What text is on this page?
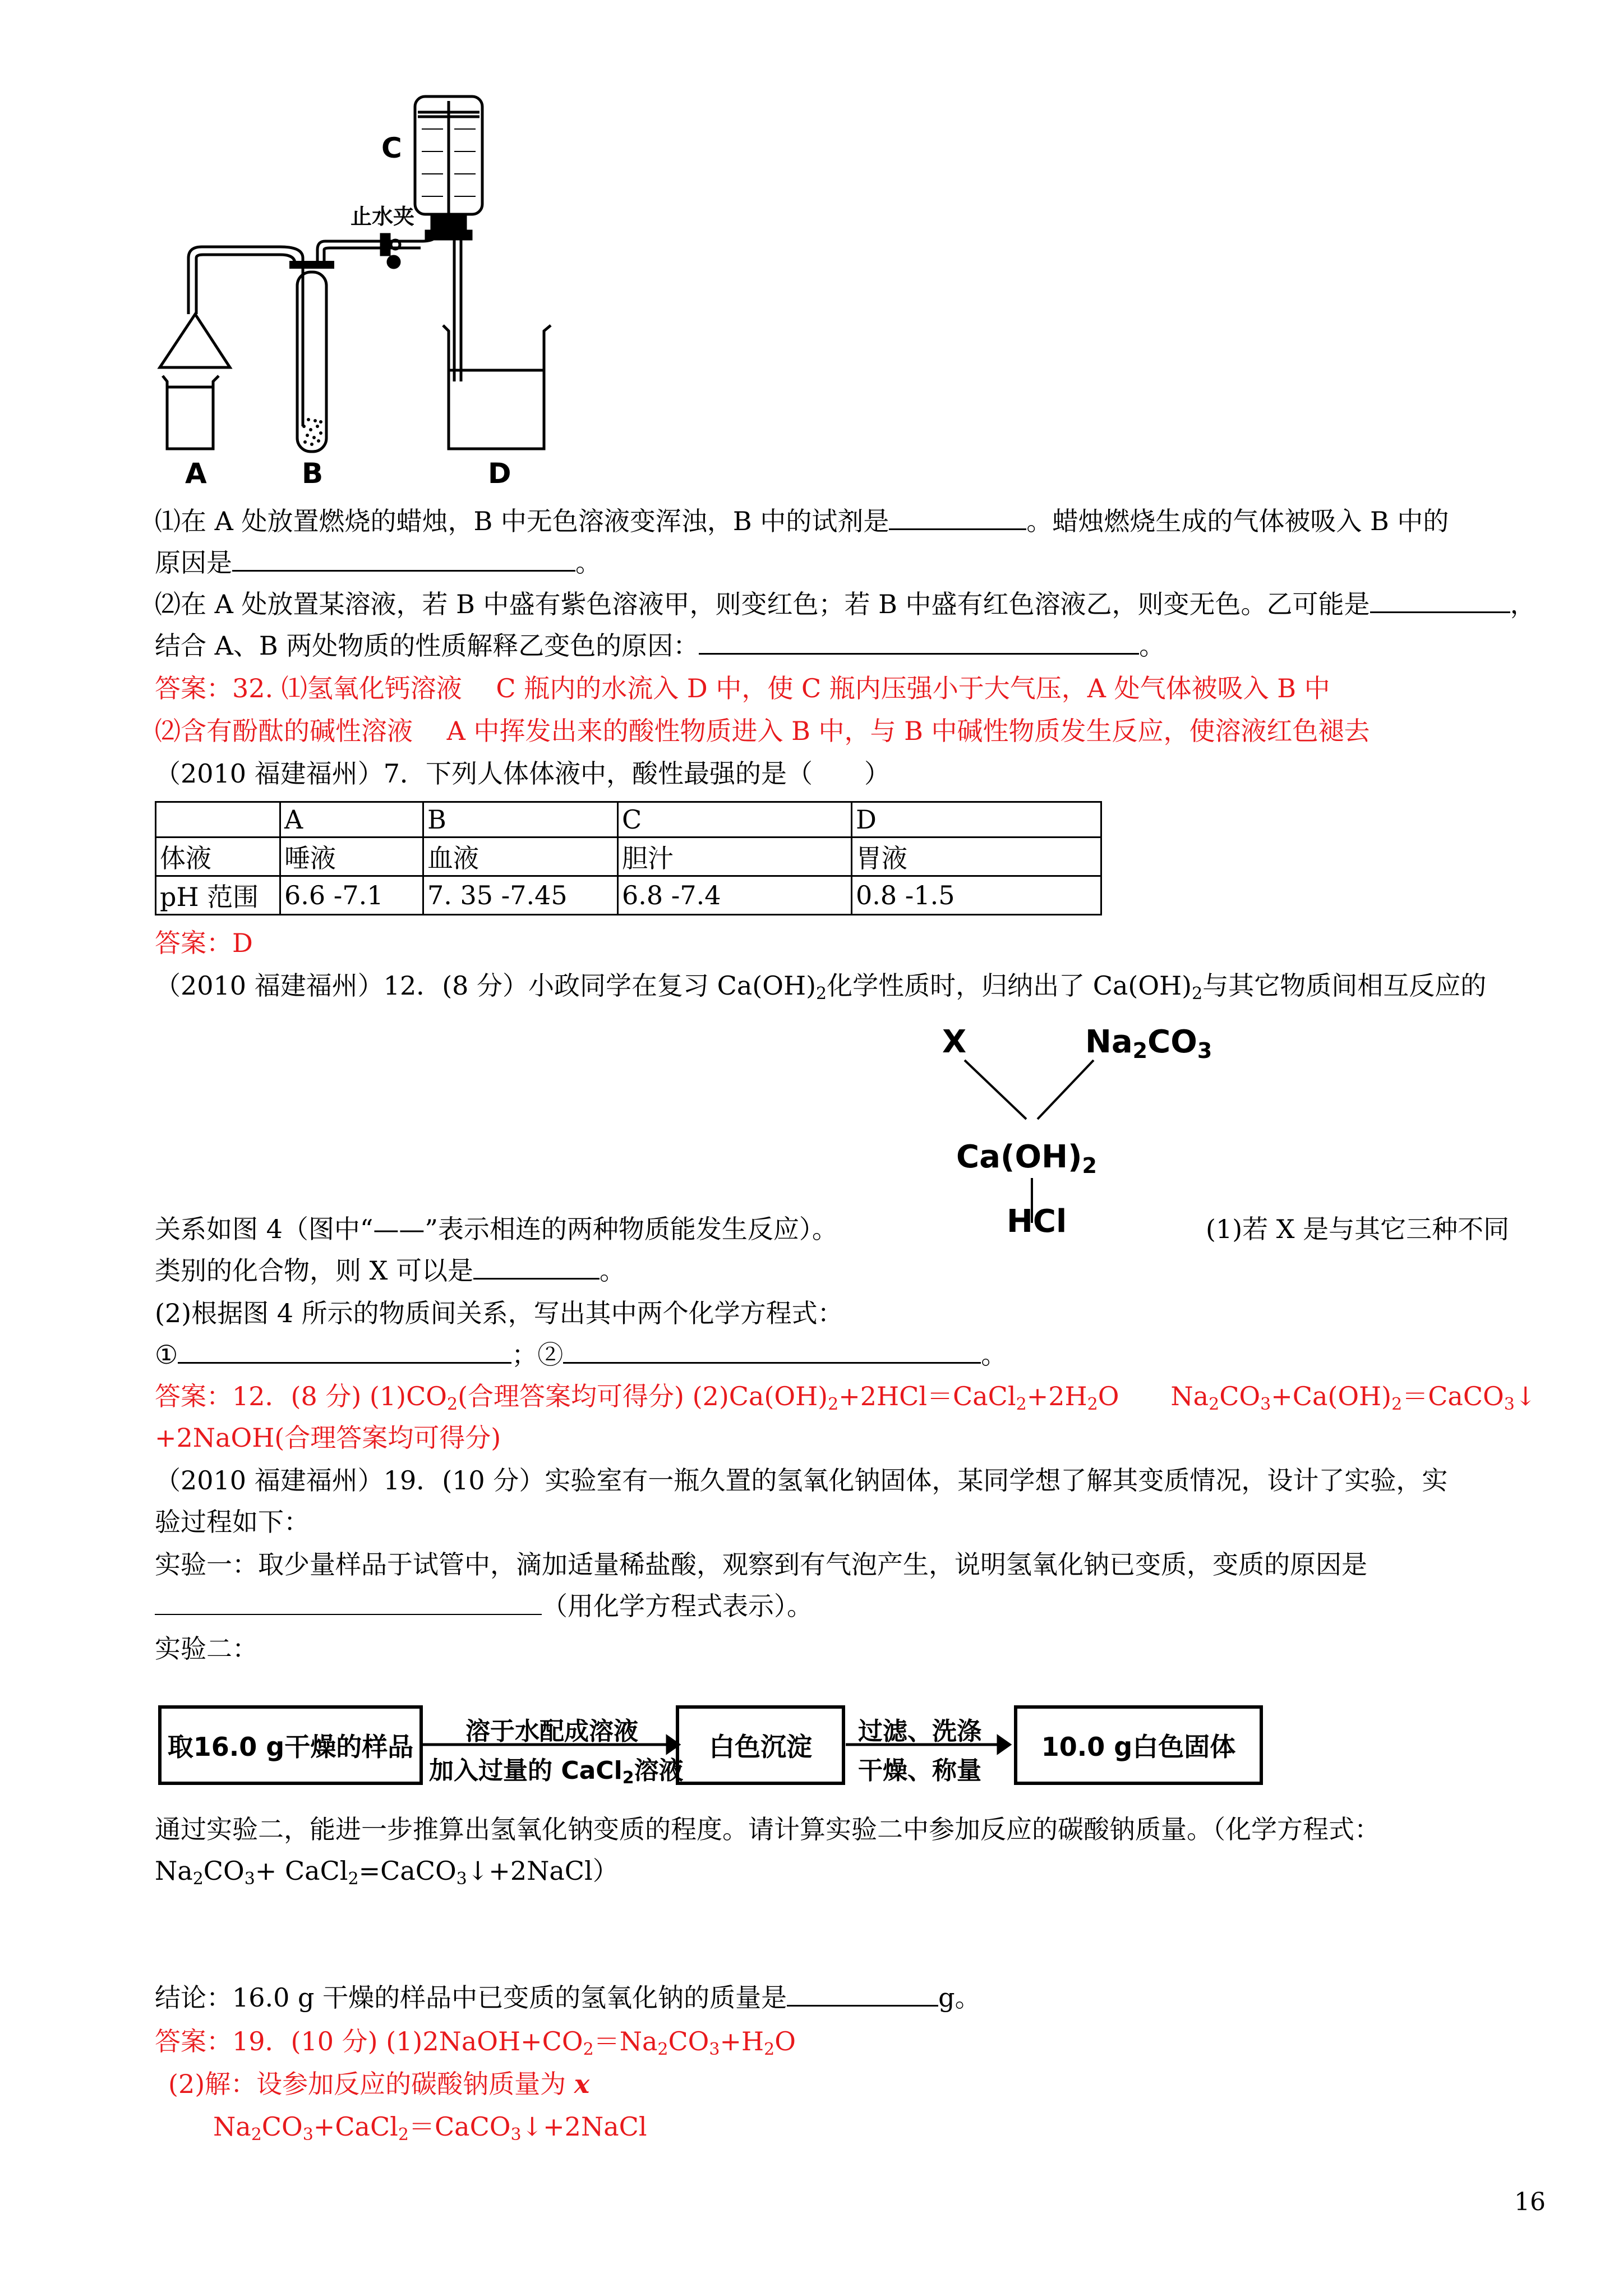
A	B
C
D
止水夹
⑴在 A 处放置燃烧的蜡烛，B 中无色溶液变浑浊，B 中的试剂是	。蜡烛燃烧生成的气体被吸入 B 中的
原因是	。
⑵在 A 处放置某溶液，若 B 中盛有紫色溶液甲，则变红色；若 B 中盛有红色溶液乙，则变无色。乙可能是	，
结合 A、B 两处物质的性质解释乙变色的原因：	。
答案：32. ⑴氢氧化钙溶液　 C 瓶内的水流入 D 中，使 C 瓶内压强小于大气压，A 处气体被吸入 B 中
⑵含有酚酞的碱性溶液　 A 中挥发出来的酸性物质进入 B 中，与 B 中碱性物质发生反应，使溶液红色褪去
（2010 福建福州）7．下列人体体液中，酸性最强的是（　　）
	A	B	C	D
体液	唾液	血液	胆汁	胃液
pH 范围	6.6 -7.1	7. 35 -7.45	6.8 -7.4	0.8 -1.5
答案：D
（2010 福建福州）12．(8 分）小政同学在复习 $Ca(OH)_2$化学性质时，归纳出了 $Ca(OH)_2$与其它物质间相互反应的
X	$Na_2CO_3$
$Ca(OH)_2$
HCl
关系如图 4（图中“——”表示相连的两种物质能发生反应）。	(1)若 X 是与其它三种不同
类别的化合物，则 X 可以是	。
(2)根据图 4 所示的物质间关系，写出其中两个化学方程式：
①	；②	。
答案：12．(8 分) $(1)CO_2$(合理答案均可得分) $(2)Ca(OH)_2+2HCl=CaCl_2+2H_2O$　　$Na_2CO_3+Ca(OH)_2=CaCO_3↓$
+2NaOH(合理答案均可得分)
（2010 福建福州）19．(10 分）实验室有一瓶久置的氢氧化钠固体，某同学想了解其变质情况，设计了实验，实
验过程如下：
实验一：取少量样品于试管中，滴加适量稀盐酸，观察到有气泡产生，说明氢氧化钠已变质，变质的原因是
（用化学方程式表示）。
实验二：
取16.0 g干燥的样品	白色沉淀	10.0 g白色固体
溶于水配成溶液
加入过量的 CaCl$_2$溶液
过滤、洗涤
干燥、称量
通过实验二，能进一步推算出氢氧化钠变质的程度。请计算实验二中参加反应的碳酸钠质量。（化学方程式：
$Na_2CO_3+$ CaCl$_2$=CaCO$_3$↓+2NaCl）
结论：16.0 g 干燥的样品中已变质的氢氧化钠的质量是	g。
答案：19．(10 分) $(1)2NaOH+CO_2=Na_2CO_3+H_2O$
(2)解：设参加反应的碳酸钠质量为 x
$Na_2CO_3+CaCl_2=CaCO_3↓+2NaCl$
16
